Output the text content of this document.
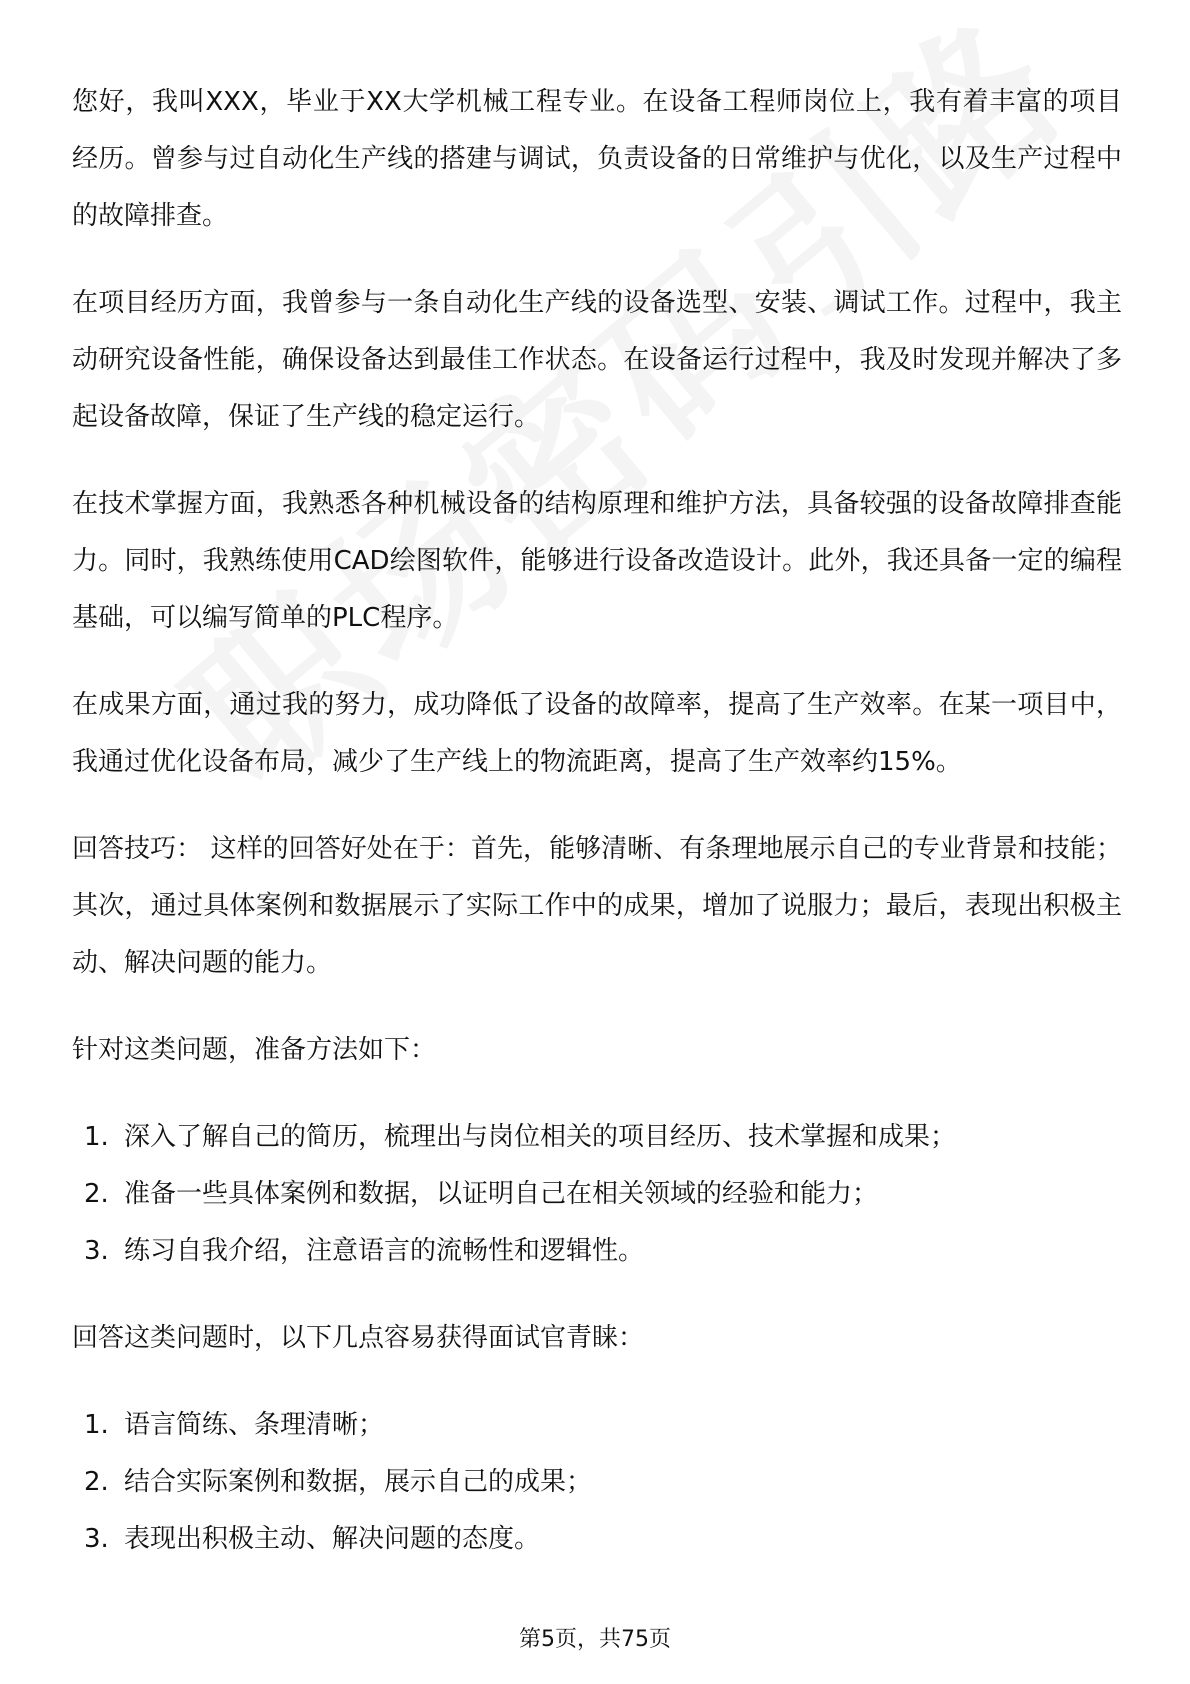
您好，我叫XXX，毕业于XX大学机械工程专业。在设备工程师岗位上，我有着丰富的项目经历。曾参与过自动化生产线的搭建与调试，负责设备的日常维护与优化，以及生产过程中的故障排查。

在项目经历方面，我曾参与一条自动化生产线的设备选型、安装、调试工作。过程中，我主动研究设备性能，确保设备达到最佳工作状态。在设备运行过程中，我及时发现并解决了多起设备故障，保证了生产线的稳定运行。

在技术掌握方面，我熟悉各种机械设备的结构原理和维护方法，具备较强的设备故障排查能力。同时，我熟练使用CAD绘图软件，能够进行设备改造设计。此外，我还具备一定的编程基础，可以编写简单的PLC程序。

在成果方面，通过我的努力，成功降低了设备的故障率，提高了生产效率。在某一项目中，我通过优化设备布局，减少了生产线上的物流距离，提高了生产效率约15%。

回答技巧： 这样的回答好处在于：首先，能够清晰、有条理地展示自己的专业背景和技能；其次，通过具体案例和数据展示了实际工作中的成果，增加了说服力；最后，表现出积极主动、解决问题的能力。

针对这类问题，准备方法如下：

1. 深入了解自己的简历，梳理出与岗位相关的项目经历、技术掌握和成果；
2. 准备一些具体案例和数据，以证明自己在相关领域的经验和能力；
3. 练习自我介绍，注意语言的流畅性和逻辑性。

回答这类问题时，以下几点容易获得面试官青睐：

1. 语言简练、条理清晰；
2. 结合实际案例和数据，展示自己的成果；
3. 表现出积极主动、解决问题的态度。
第5页，共75页
